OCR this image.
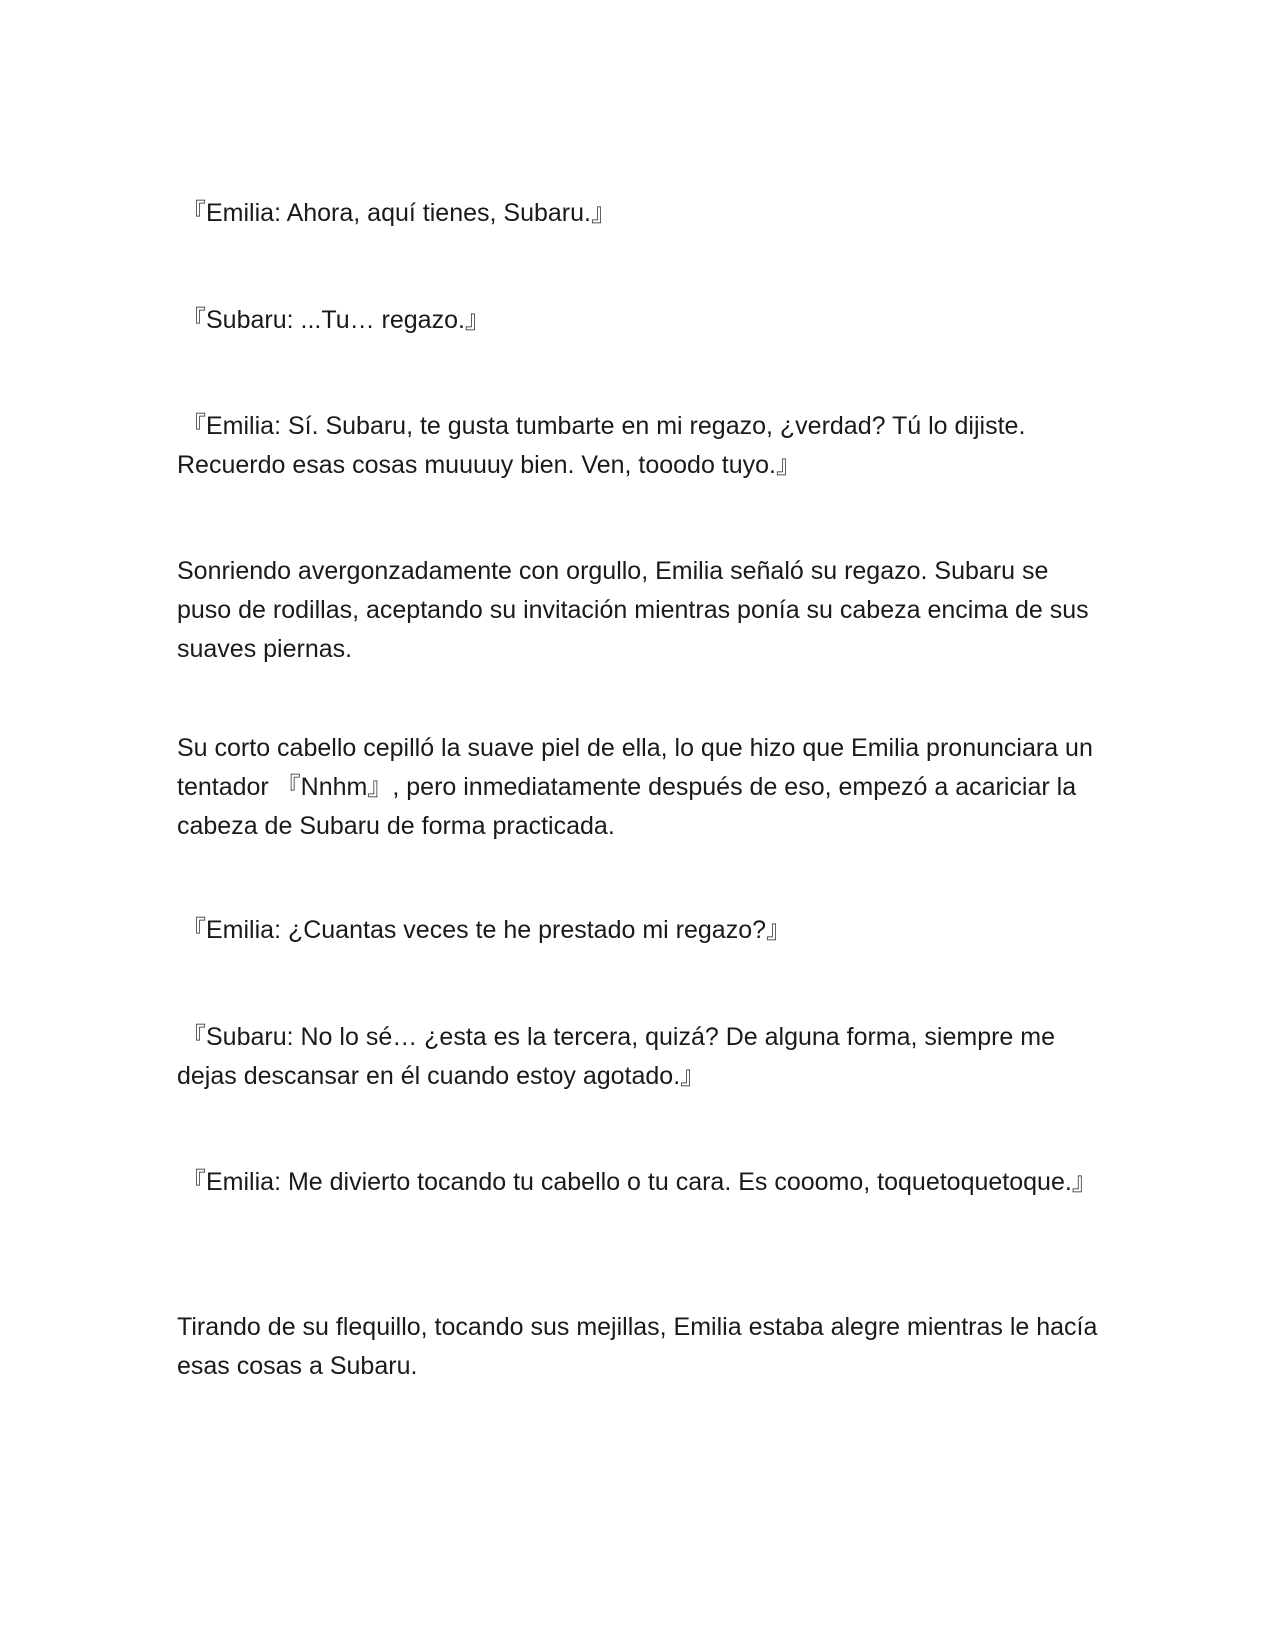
『Emilia: Ahora, aquí tienes, Subaru.』

『Subaru: ...Tu… regazo.』

『Emilia: Sí. Subaru, te gusta tumbarte en mi regazo, ¿verdad? Tú lo dijiste. Recuerdo esas cosas muuuuy bien. Ven, tooodo tuyo.』

Sonriendo avergonzadamente con orgullo, Emilia señaló su regazo. Subaru se puso de rodillas, aceptando su invitación mientras ponía su cabeza encima de sus suaves piernas.

Su corto cabello cepilló la suave piel de ella, lo que hizo que Emilia pronunciara un tentador 『Nnhm』, pero inmediatamente después de eso, empezó a acariciar la cabeza de Subaru de forma practicada.

『Emilia: ¿Cuantas veces te he prestado mi regazo?』

『Subaru: No lo sé… ¿esta es la tercera, quizá? De alguna forma, siempre me dejas descansar en él cuando estoy agotado.』

『Emilia: Me divierto tocando tu cabello o tu cara. Es cooomo, toquetoquetoque.』

Tirando de su flequillo, tocando sus mejillas, Emilia estaba alegre mientras le hacía esas cosas a Subaru.
